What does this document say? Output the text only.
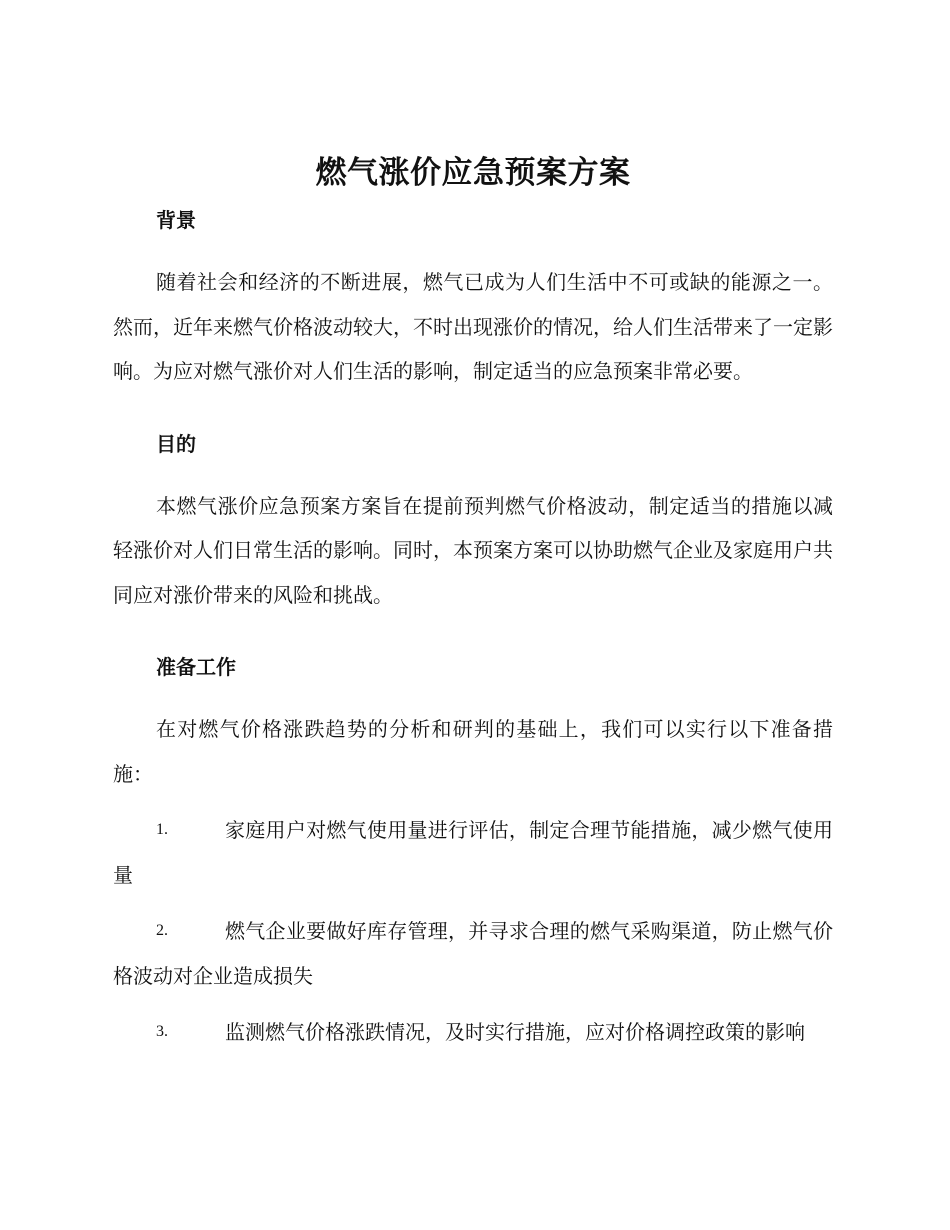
燃气涨价应急预案方案
背景

随着社会和经济的不断进展，燃气已成为人们生活中不可或缺的能源之一。然而，近年来燃气价格波动较大，不时出现涨价的情况，给人们生活带来了一定影响。为应对燃气涨价对人们生活的影响，制定适当的应急预案非常必要。

目的

本燃气涨价应急预案方案旨在提前预判燃气价格波动，制定适当的措施以减轻涨价对人们日常生活的影响。同时，本预案方案可以协助燃气企业及家庭用户共同应对涨价带来的风险和挑战。

准备工作

在对燃气价格涨跌趋势的分析和研判的基础上，我们可以实行以下准备措施：

1.	家庭用户对燃气使用量进行评估，制定合理节能措施，减少燃气使用量
2.	燃气企业要做好库存管理，并寻求合理的燃气采购渠道，防止燃气价格波动对企业造成损失
3.	监测燃气价格涨跌情况，及时实行措施，应对价格调控政策的影响
